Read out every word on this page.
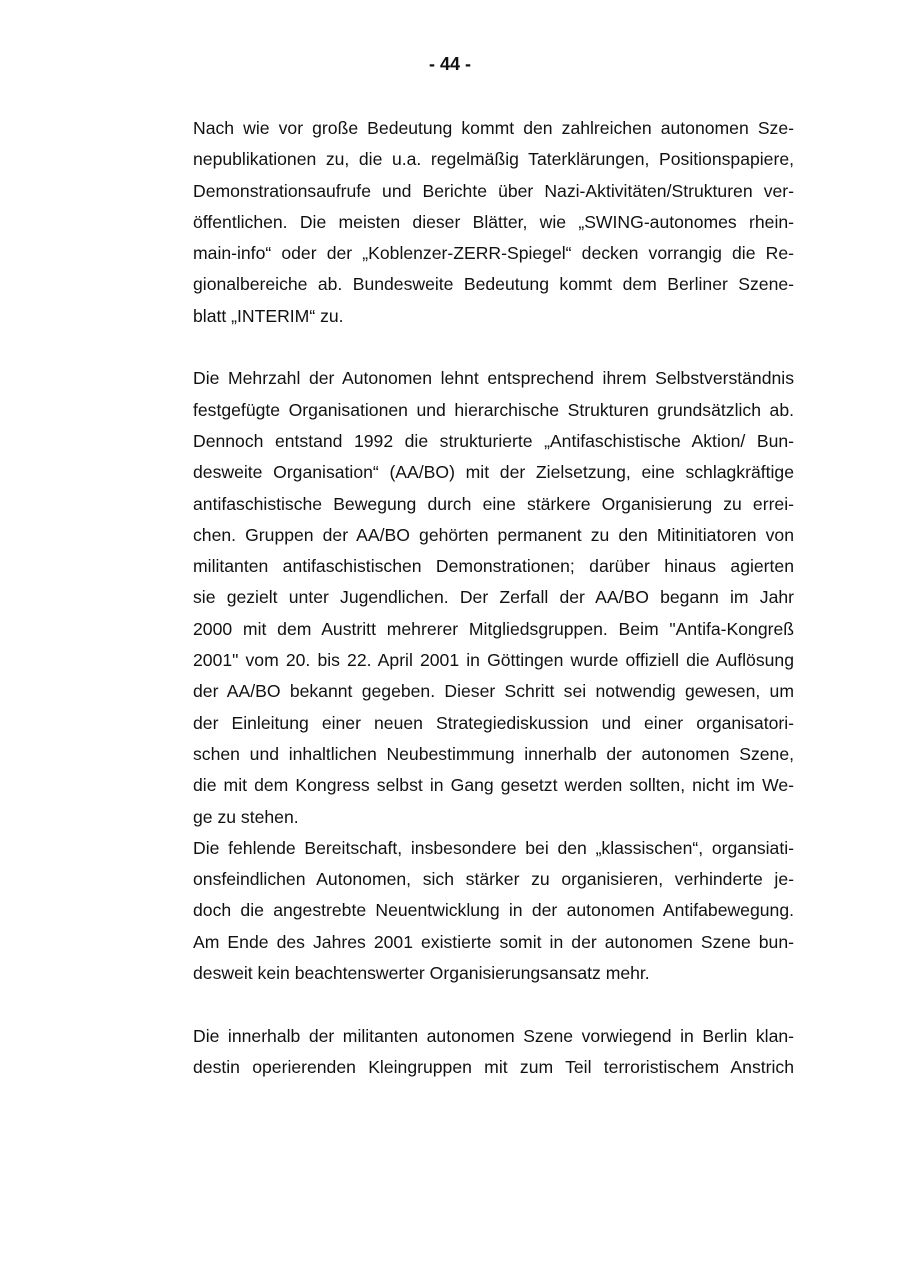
- 44 -
Nach wie vor große Bedeutung kommt den zahlreichen autonomen Sze-
nepublikationen zu, die u.a. regelmäßig Taterklärungen, Positionspapiere,
Demonstrationsaufrufe und Berichte über Nazi-Aktivitäten/Strukturen ver-
öffentlichen. Die meisten dieser Blätter, wie „SWING-autonomes rhein-
main-info“ oder der „Koblenzer-ZERR-Spiegel“ decken vorrangig die Re-
gionalbereiche ab. Bundesweite Bedeutung kommt dem Berliner Szene-
blatt „INTERIM“ zu.
Die Mehrzahl der Autonomen lehnt entsprechend ihrem Selbstverständnis
festgefügte Organisationen und hierarchische Strukturen grundsätzlich ab.
Dennoch entstand 1992 die strukturierte „Antifaschistische Aktion/ Bun-
desweite Organisation“ (AA/BO) mit der Zielsetzung, eine schlagkräftige
antifaschistische Bewegung durch eine stärkere Organisierung zu errei-
chen. Gruppen der AA/BO gehörten permanent zu den Mitinitiatoren von
militanten antifaschistischen Demonstrationen; darüber hinaus agierten
sie gezielt unter Jugendlichen. Der Zerfall der AA/BO begann im Jahr
2000 mit dem Austritt mehrerer Mitgliedsgruppen. Beim "Antifa-Kongreß
2001" vom 20. bis 22. April 2001 in Göttingen wurde offiziell die Auflösung
der AA/BO bekannt gegeben. Dieser Schritt sei notwendig gewesen, um
der Einleitung einer neuen Strategiediskussion und einer organisatori-
schen und inhaltlichen Neubestimmung innerhalb der autonomen Szene,
die mit dem Kongress selbst in Gang gesetzt werden sollten, nicht im We-
ge zu stehen.
Die fehlende Bereitschaft, insbesondere bei den „klassischen“, organsiati-
onsfeindlichen Autonomen, sich stärker zu organisieren, verhinderte je-
doch die angestrebte Neuentwicklung in der autonomen Antifabewegung.
Am Ende des Jahres 2001 existierte somit in der autonomen Szene bun-
desweit kein beachtenswerter Organisierungsansatz mehr.
Die innerhalb der militanten autonomen Szene vorwiegend in Berlin klan-
destin operierenden Kleingruppen mit zum Teil terroristischem Anstrich
